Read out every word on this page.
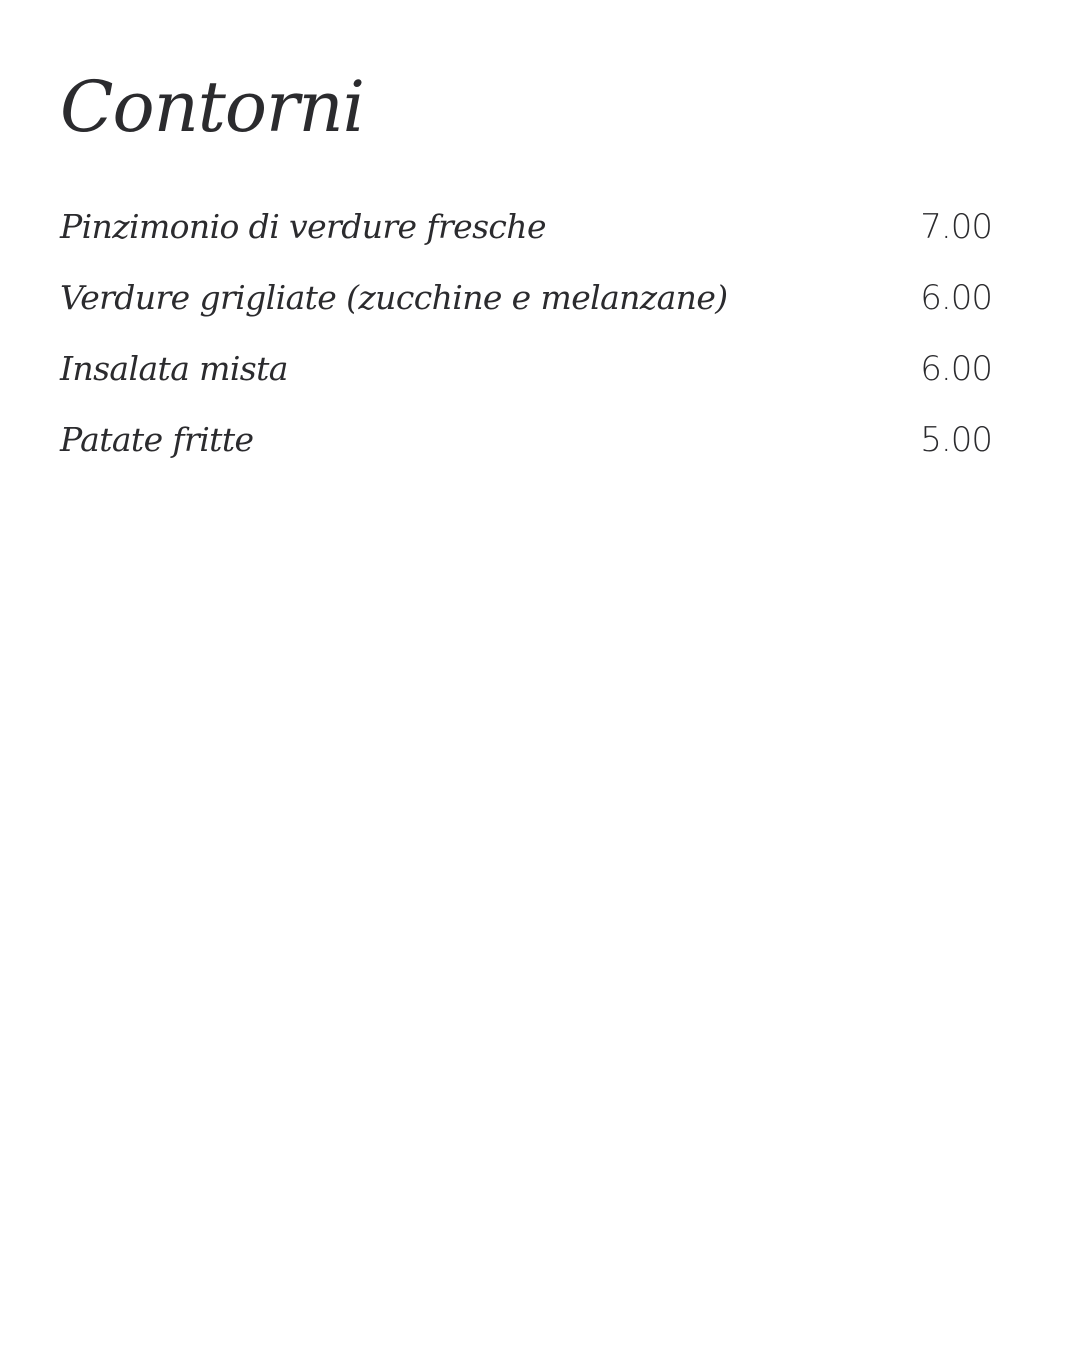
Contorni
Pinzimonio di verdure fresche	7.00
Verdure grigliate (zucchine e melanzane)	6.00
Insalata mista	6.00
Patate fritte	5.00
